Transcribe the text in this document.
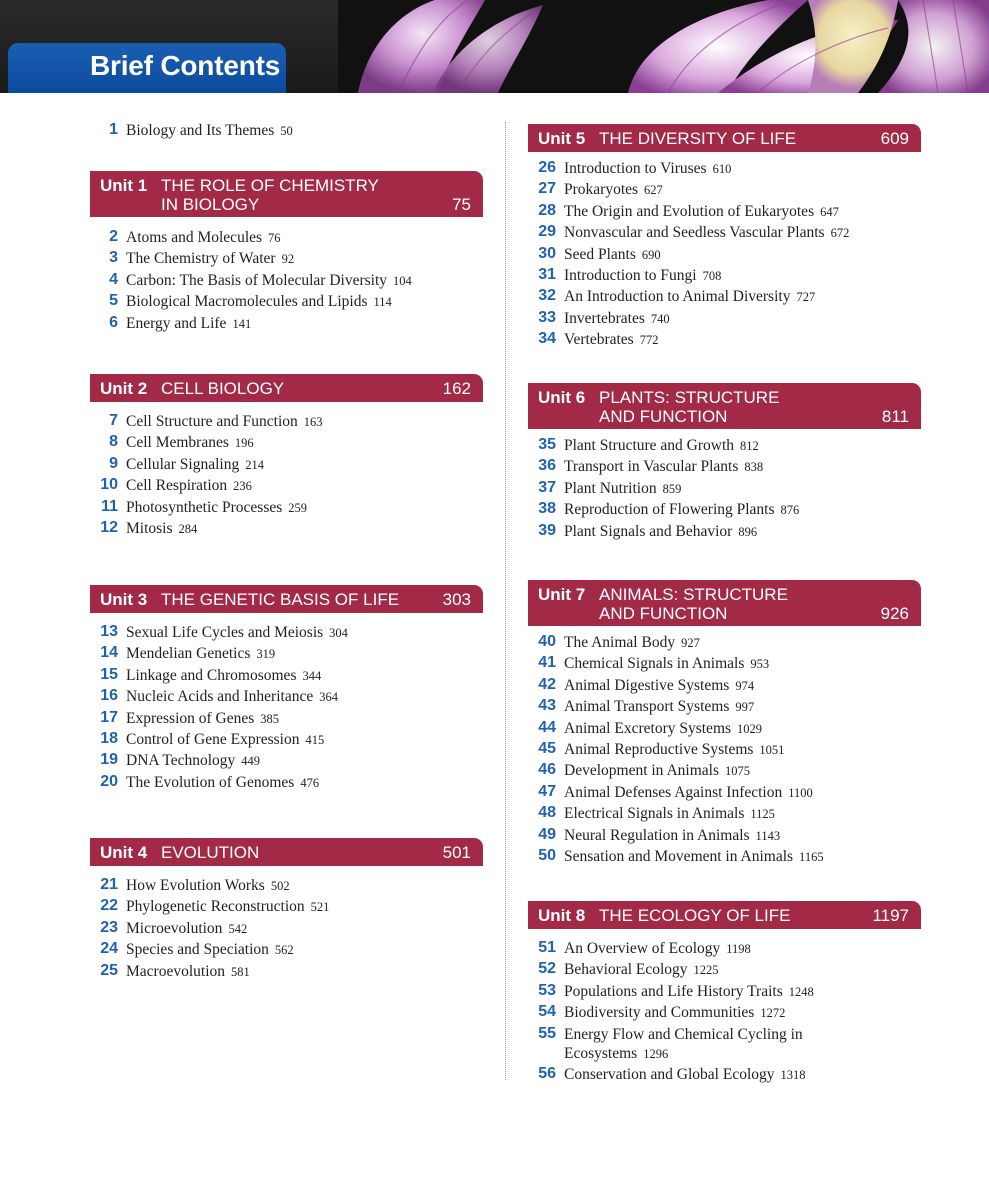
Brief Contents
1 Biology and Its Themes 50
Unit 1 THE ROLE OF CHEMISTRY
IN BIOLOGY	75
2 Atoms and Molecules 76
3 The Chemistry of Water 92
4 Carbon: The Basis of Molecular Diversity 104
5 Biological Macromolecules and Lipids 114
6 Energy and Life 141
Unit 2 CELL BIOLOGY	162
7 Cell Structure and Function 163
8 Cell Membranes 196
9 Cellular Signaling 214
10 Cell Respiration 236
11 Photosynthetic Processes 259
12 Mitosis 284
Unit 3 THE GENETIC BASIS OF LIFE	303
13 Sexual Life Cycles and Meiosis 304
14 Mendelian Genetics 319
15 Linkage and Chromosomes 344
16 Nucleic Acids and Inheritance 364
17 Expression of Genes 385
18 Control of Gene Expression 415
19 DNA Technology 449
20 The Evolution of Genomes 476
Unit 4 EVOLUTION	501
21 How Evolution Works 502
22 Phylogenetic Reconstruction 521
23 Microevolution 542
24 Species and Speciation 562
25 Macroevolution 581
Unit 5 THE DIVERSITY OF LIFE	609
26 Introduction to Viruses 610
27 Prokaryotes 627
28 The Origin and Evolution of Eukaryotes 647
29 Nonvascular and Seedless Vascular Plants 672
30 Seed Plants 690
31 Introduction to Fungi 708
32 An Introduction to Animal Diversity 727
33 Invertebrates 740
34 Vertebrates 772
Unit 6 PLANTS: STRUCTURE
AND FUNCTION	811
35 Plant Structure and Growth 812
36 Transport in Vascular Plants 838
37 Plant Nutrition 859
38 Reproduction of Flowering Plants 876
39 Plant Signals and Behavior 896
Unit 7 ANIMALS: STRUCTURE
AND FUNCTION	926
40 The Animal Body 927
41 Chemical Signals in Animals 953
42 Animal Digestive Systems 974
43 Animal Transport Systems 997
44 Animal Excretory Systems 1029
45 Animal Reproductive Systems 1051
46 Development in Animals 1075
47 Animal Defenses Against Infection 1100
48 Electrical Signals in Animals 1125
49 Neural Regulation in Animals 1143
50 Sensation and Movement in Animals 1165
Unit 8 THE ECOLOGY OF LIFE	1197
51 An Overview of Ecology 1198
52 Behavioral Ecology 1225
53 Populations and Life History Traits 1248
54 Biodiversity and Communities 1272
55 Energy Flow and Chemical Cycling in Ecosystems 1296
56 Conservation and Global Ecology 1318
